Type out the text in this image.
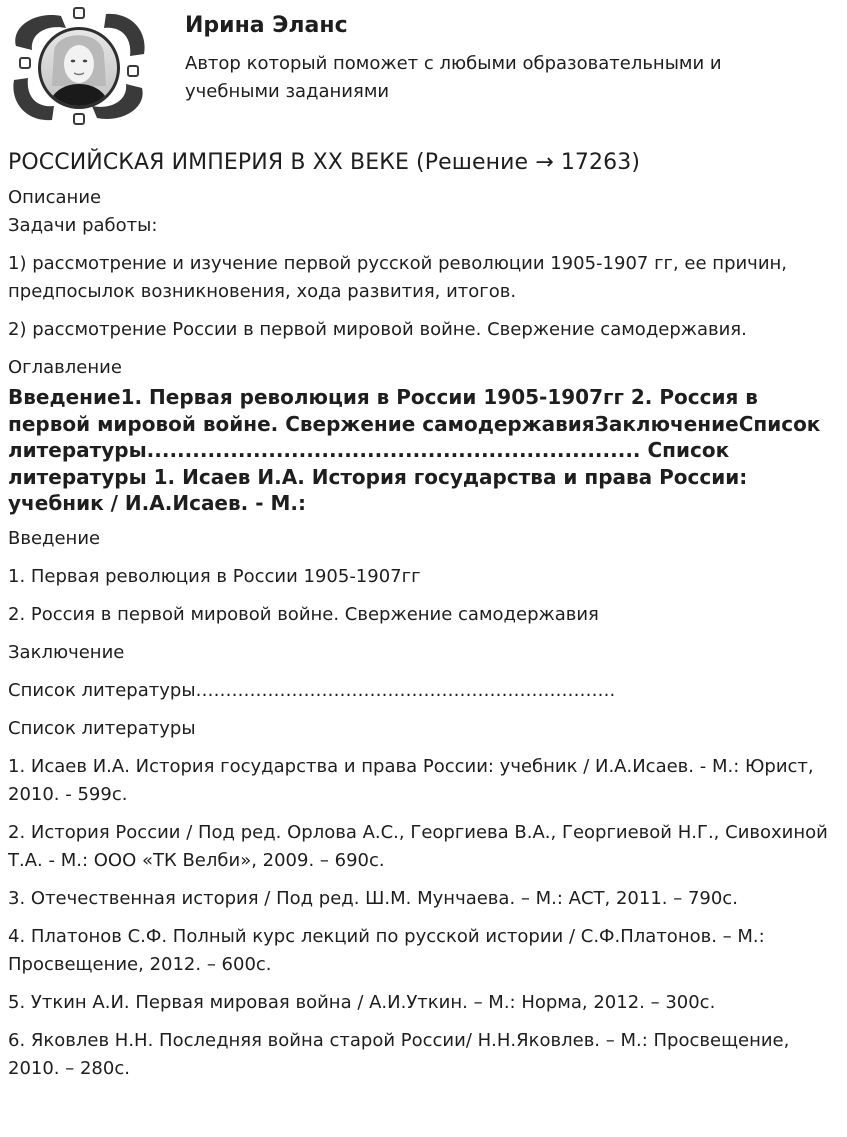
Ирина Эланс
Автор который поможет с любыми образовательными и учебными заданиями
РОССИЙСКАЯ ИМПЕРИЯ В XX ВЕКЕ (Решение → 17263)

Описание

Задачи работы:

1) рассмотрение и изучение первой русской революции 1905-1907 гг, ее причин, предпосылок возникновения, хода развития, итогов.

2) рассмотрение России в первой мировой войне. Свержение самодержавия.

Оглавление

Введение1. Первая революция в России 1905-1907гг 2. Россия в первой мировой войне. Свержение самодержавияЗаключениеСписок литературы................................................................. Список литературы 1. Исаев И.А. История государства и права России: учебник / И.А.Исаев. - М.:

Введение

1. Первая революция в России 1905-1907гг

2. Россия в первой мировой войне. Свержение самодержавия

Заключение

Список литературы…………………………………………………………….

Список литературы

1. Исаев И.А. История государства и права России: учебник / И.А.Исаев. - М.: Юрист, 2010. - 599с.

2. История России / Под ред. Орлова А.С., Георгиева В.А., Георгиевой Н.Г., Сивохиной Т.А. - М.: ООО «ТК Велби», 2009. – 690с.

3. Отечественная история / Под ред. Ш.М. Мунчаева. – М.: АСТ, 2011. – 790с.

4. Платонов С.Ф. Полный курс лекций по русской истории / С.Ф.Платонов. – М.: Просвещение, 2012. – 600с.

5. Уткин А.И. Первая мировая война / А.И.Уткин. – М.: Норма, 2012. – 300с.

6. Яковлев Н.Н. Последняя война старой России/ Н.Н.Яковлев. – М.: Просвещение, 2010. – 280с.
